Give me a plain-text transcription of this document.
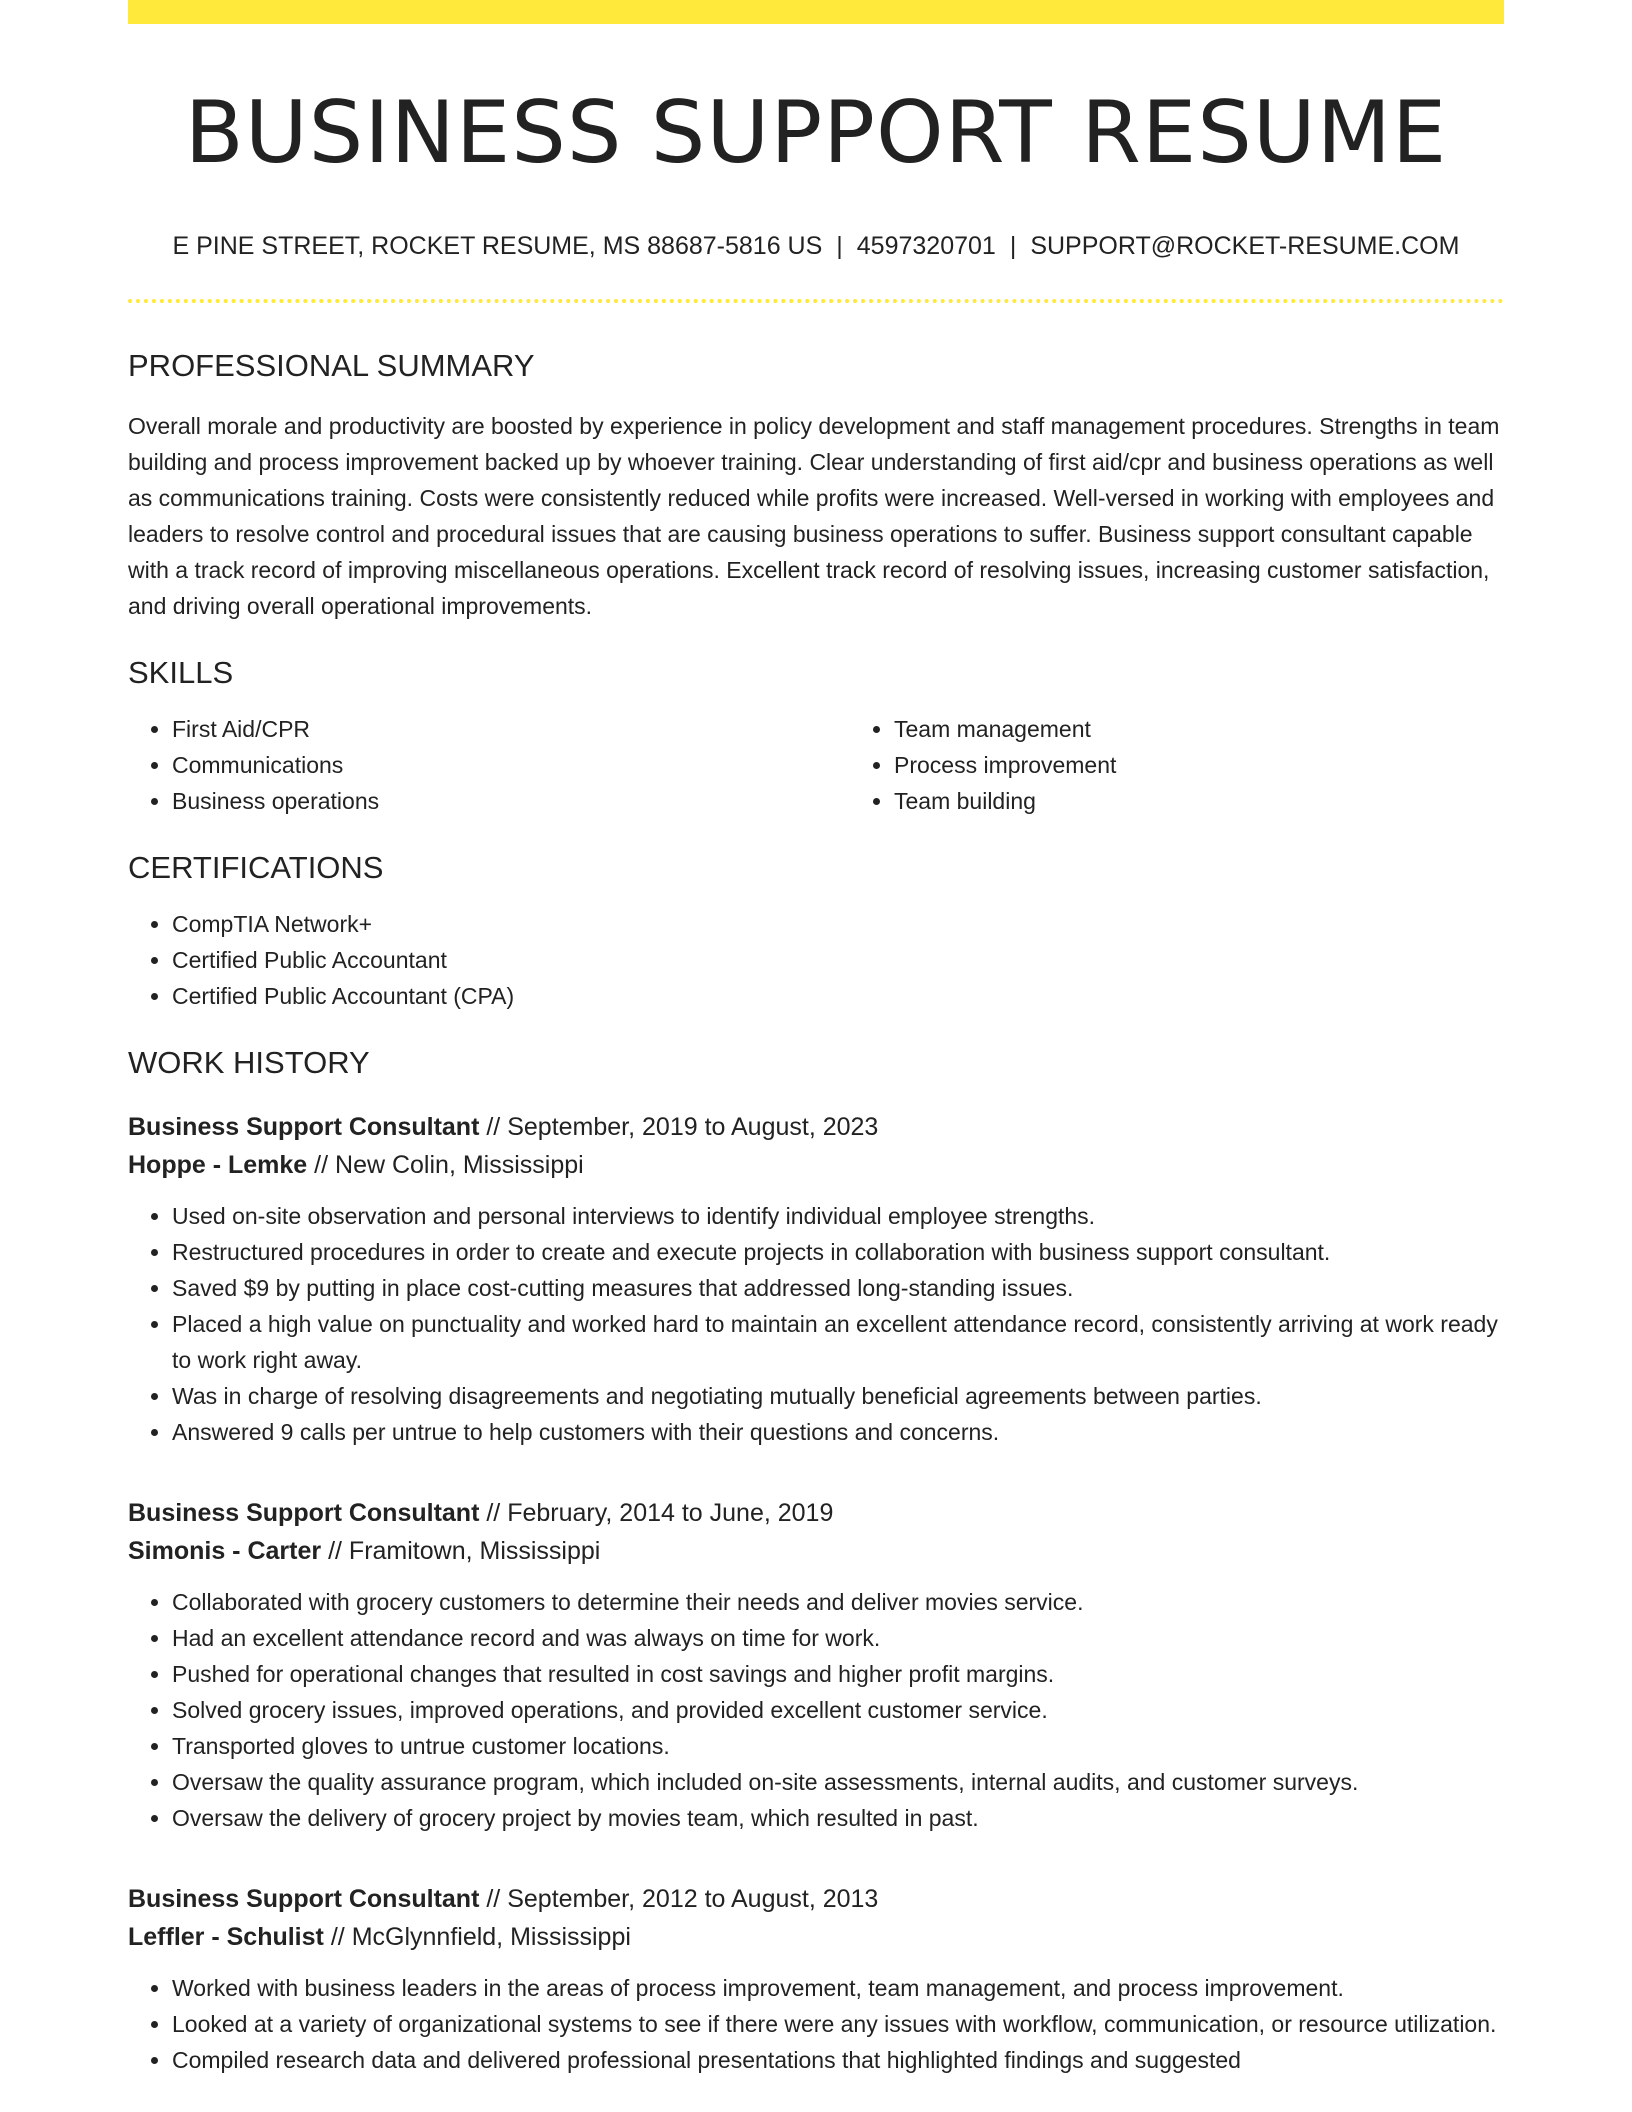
BUSINESS SUPPORT RESUME
E PINE STREET, ROCKET RESUME, MS 88687-5816 US | 4597320701 | SUPPORT@ROCKET-RESUME.COM
PROFESSIONAL SUMMARY

Overall morale and productivity are boosted by experience in policy development and staff management procedures. Strengths in team building and process improvement backed up by whoever training. Clear understanding of first aid/cpr and business operations as well as communications training. Costs were consistently reduced while profits were increased. Well-versed in working with employees and leaders to resolve control and procedural issues that are causing business operations to suffer. Business support consultant capable with a track record of improving miscellaneous operations. Excellent track record of resolving issues, increasing customer satisfaction, and driving overall operational improvements.

SKILLS
• First Aid/CPR
• Communications
• Business operations
• Team management
• Process improvement
• Team building
CERTIFICATIONS
• CompTIA Network+
• Certified Public Accountant
• Certified Public Accountant (CPA)
WORK HISTORY
Business Support Consultant // September, 2019 to August, 2023
Hoppe - Lemke // New Colin, Mississippi
• Used on-site observation and personal interviews to identify individual employee strengths.
• Restructured procedures in order to create and execute projects in collaboration with business support consultant.
• Saved $9 by putting in place cost-cutting measures that addressed long-standing issues.
• Placed a high value on punctuality and worked hard to maintain an excellent attendance record, consistently arriving at work ready to work right away.
• Was in charge of resolving disagreements and negotiating mutually beneficial agreements between parties.
• Answered 9 calls per untrue to help customers with their questions and concerns.
Business Support Consultant // February, 2014 to June, 2019
Simonis - Carter // Framitown, Mississippi
• Collaborated with grocery customers to determine their needs and deliver movies service.
• Had an excellent attendance record and was always on time for work.
• Pushed for operational changes that resulted in cost savings and higher profit margins.
• Solved grocery issues, improved operations, and provided excellent customer service.
• Transported gloves to untrue customer locations.
• Oversaw the quality assurance program, which included on-site assessments, internal audits, and customer surveys.
• Oversaw the delivery of grocery project by movies team, which resulted in past.
Business Support Consultant // September, 2012 to August, 2013
Leffler - Schulist // McGlynnfield, Mississippi
• Worked with business leaders in the areas of process improvement, team management, and process improvement.
• Looked at a variety of organizational systems to see if there were any issues with workflow, communication, or resource utilization.
• Compiled research data and delivered professional presentations that highlighted findings and suggested
